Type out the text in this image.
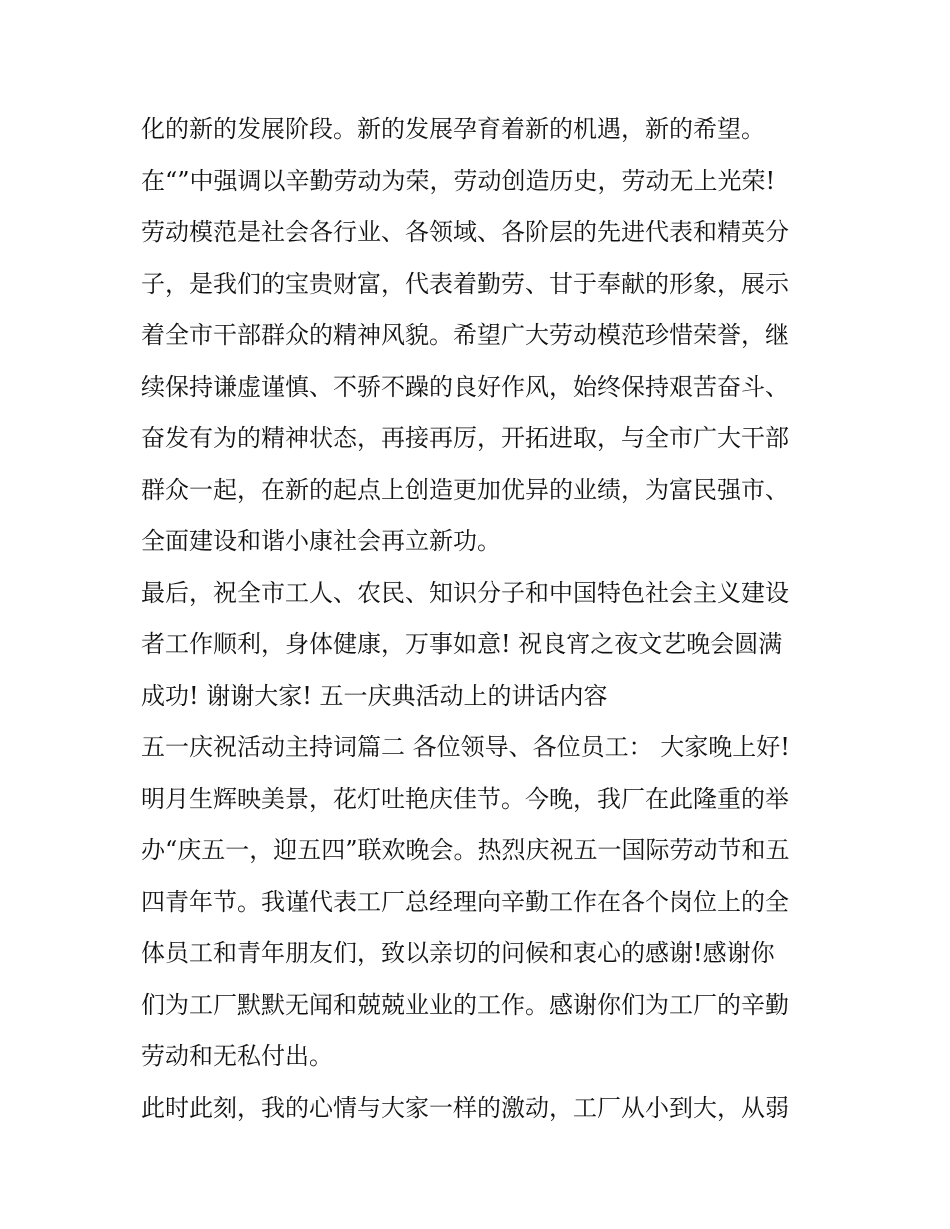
化的新的发展阶段。新的发展孕育着新的机遇，新的希望。
在“”中强调以辛勤劳动为荣，劳动创造历史，劳动无上光荣!
劳动模范是社会各行业、各领域、各阶层的先进代表和精英分
子，是我们的宝贵财富，代表着勤劳、甘于奉献的形象，展示
着全市干部群众的精神风貌。希望广大劳动模范珍惜荣誉，继
续保持谦虚谨慎、不骄不躁的良好作风，始终保持艰苦奋斗、
奋发有为的精神状态，再接再厉，开拓进取，与全市广大干部
群众一起，在新的起点上创造更加优异的业绩，为富民强市、
全面建设和谐小康社会再立新功。
最后，祝全市工人、农民、知识分子和中国特色社会主义建设
者工作顺利，身体健康，万事如意! 祝良宵之夜文艺晚会圆满
成功! 谢谢大家! 五一庆典活动上的讲话内容
五一庆祝活动主持词篇二 各位领导、各位员工： 大家晚上好!
明月生辉映美景，花灯吐艳庆佳节。今晚，我厂在此隆重的举
办“庆五一，迎五四”联欢晚会。热烈庆祝五一国际劳动节和五
四青年节。我谨代表工厂总经理向辛勤工作在各个岗位上的全
体员工和青年朋友们，致以亲切的问候和衷心的感谢!感谢你
们为工厂默默无闻和兢兢业业的工作。感谢你们为工厂的辛勤
劳动和无私付出。
此时此刻，我的心情与大家一样的激动，工厂从小到大，从弱
